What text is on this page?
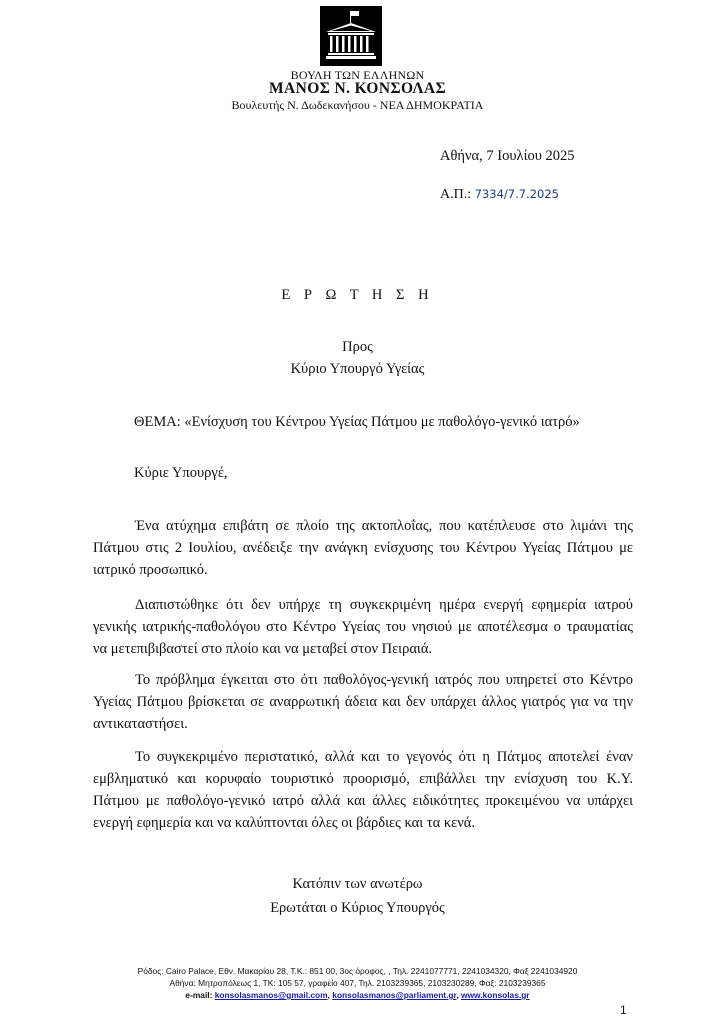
ΒΟΥΛΗ ΤΩΝ ΕΛΛΗΝΩΝ
ΜΑΝΟΣ Ν. ΚΟΝΣΟΛΑΣ
Βουλευτής Ν. Δωδεκανήσου - ΝΕΑ ΔΗΜΟΚΡΑΤΙΑ
Αθήνα, 7 Ιουλίου 2025
Α.Π.: 7334/7.7.2025
Ε Ρ Ω Τ Η Σ Η
Προς
Κύριο Υπουργό Υγείας
ΘΕΜΑ: «Ενίσχυση του Κέντρου Υγείας Πάτμου με παθολόγο-γενικό ιατρό»
Κύριε Υπουργέ,

Ένα ατύχημα επιβάτη σε πλοίο της ακτοπλοΐας, που κατέπλευσε στο λιμάνι της
Πάτμου στις 2 Ιουλίου, ανέδειξε την ανάγκη ενίσχυσης του Κέντρου Υγείας Πάτμου με
ιατρικό προσωπικό.

Διαπιστώθηκε ότι δεν υπήρχε τη συγκεκριμένη ημέρα ενεργή εφημερία ιατρού
γενικής ιατρικής-παθολόγου στο Κέντρο Υγείας του νησιού με αποτέλεσμα ο τραυματίας
να μετεπιβιβαστεί στο πλοίο και να μεταβεί στον Πειραιά.

Το πρόβλημα έγκειται στο ότι παθολόγος-γενική ιατρός που υπηρετεί στο Κέντρο
Υγείας Πάτμου βρίσκεται σε αναρρωτική άδεια και δεν υπάρχει άλλος γιατρός για να την
αντικαταστήσει.

Το συγκεκριμένο περιστατικό, αλλά και το γεγονός ότι η Πάτμος αποτελεί έναν
εμβληματικό και κορυφαίο τουριστικό προορισμό, επιβάλλει την ενίσχυση του Κ.Υ.
Πάτμου με παθολόγο-γενικό ιατρό αλλά και άλλες ειδικότητες προκειμένου να υπάρχει
ενεργή εφημερία και να καλύπτονται όλες οι βάρδιες και τα κενά.

Κατόπιν των ανωτέρω
Ερωτάται ο Κύριος Υπουργός
Ρόδος: Cairo Palace, Εθν. Μακαρίου 28, Τ.Κ.: 851 00, 3ος όροφος, , Τηλ. 2241077771, 2241034320, Φαξ 2241034920
Αθήνα: Μητροπόλεως 1, ΤΚ: 105 57, γραφείο 407, Τηλ. 2103239365, 2103230289, Φαξ: 2103239365
e-mail: konsolasmanos@gmail.com, konsolasmanos@parliament.gr, www.konsolas.gr
1
